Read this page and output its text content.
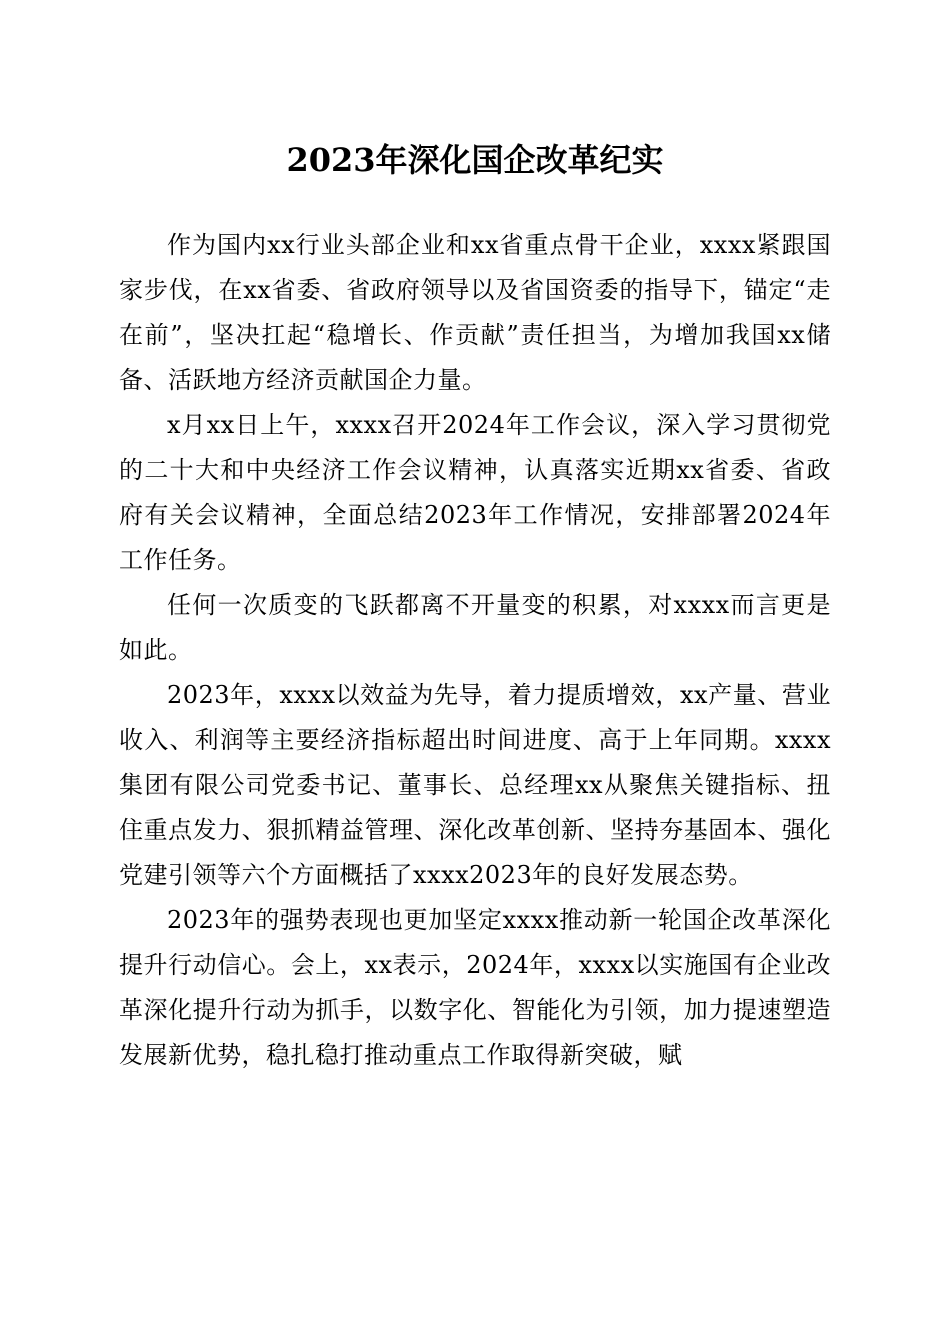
2023年深化国企改革纪实

作为国内xx行业头部企业和xx省重点骨干企业，xxxx紧跟国家步伐，在xx省委、省政府领导以及省国资委的指导下，锚定“走在前”，坚决扛起“稳增长、作贡献”责任担当，为增加我国xx储备、活跃地方经济贡献国企力量。

x月xx日上午，xxxx召开2024年工作会议，深入学习贯彻党的二十大和中央经济工作会议精神，认真落实近期xx省委、省政府有关会议精神，全面总结2023年工作情况，安排部署2024年工作任务。

任何一次质变的飞跃都离不开量变的积累，对xxxx而言更是如此。

2023年，xxxx以效益为先导，着力提质增效，xx产量、营业收入、利润等主要经济指标超出时间进度、高于上年同期。xxxx集团有限公司党委书记、董事长、总经理xx从聚焦关键指标、扭住重点发力、狠抓精益管理、深化改革创新、坚持夯基固本、强化党建引领等六个方面概括了xxxx2023年的良好发展态势。

2023年的强势表现也更加坚定xxxx推动新一轮国企改革深化提升行动信心。会上，xx表示，2024年，xxxx以实施国有企业改革深化提升行动为抓手，以数字化、智能化为引领，加力提速塑造发展新优势，稳扎稳打推动重点工作取得新突破，赋
